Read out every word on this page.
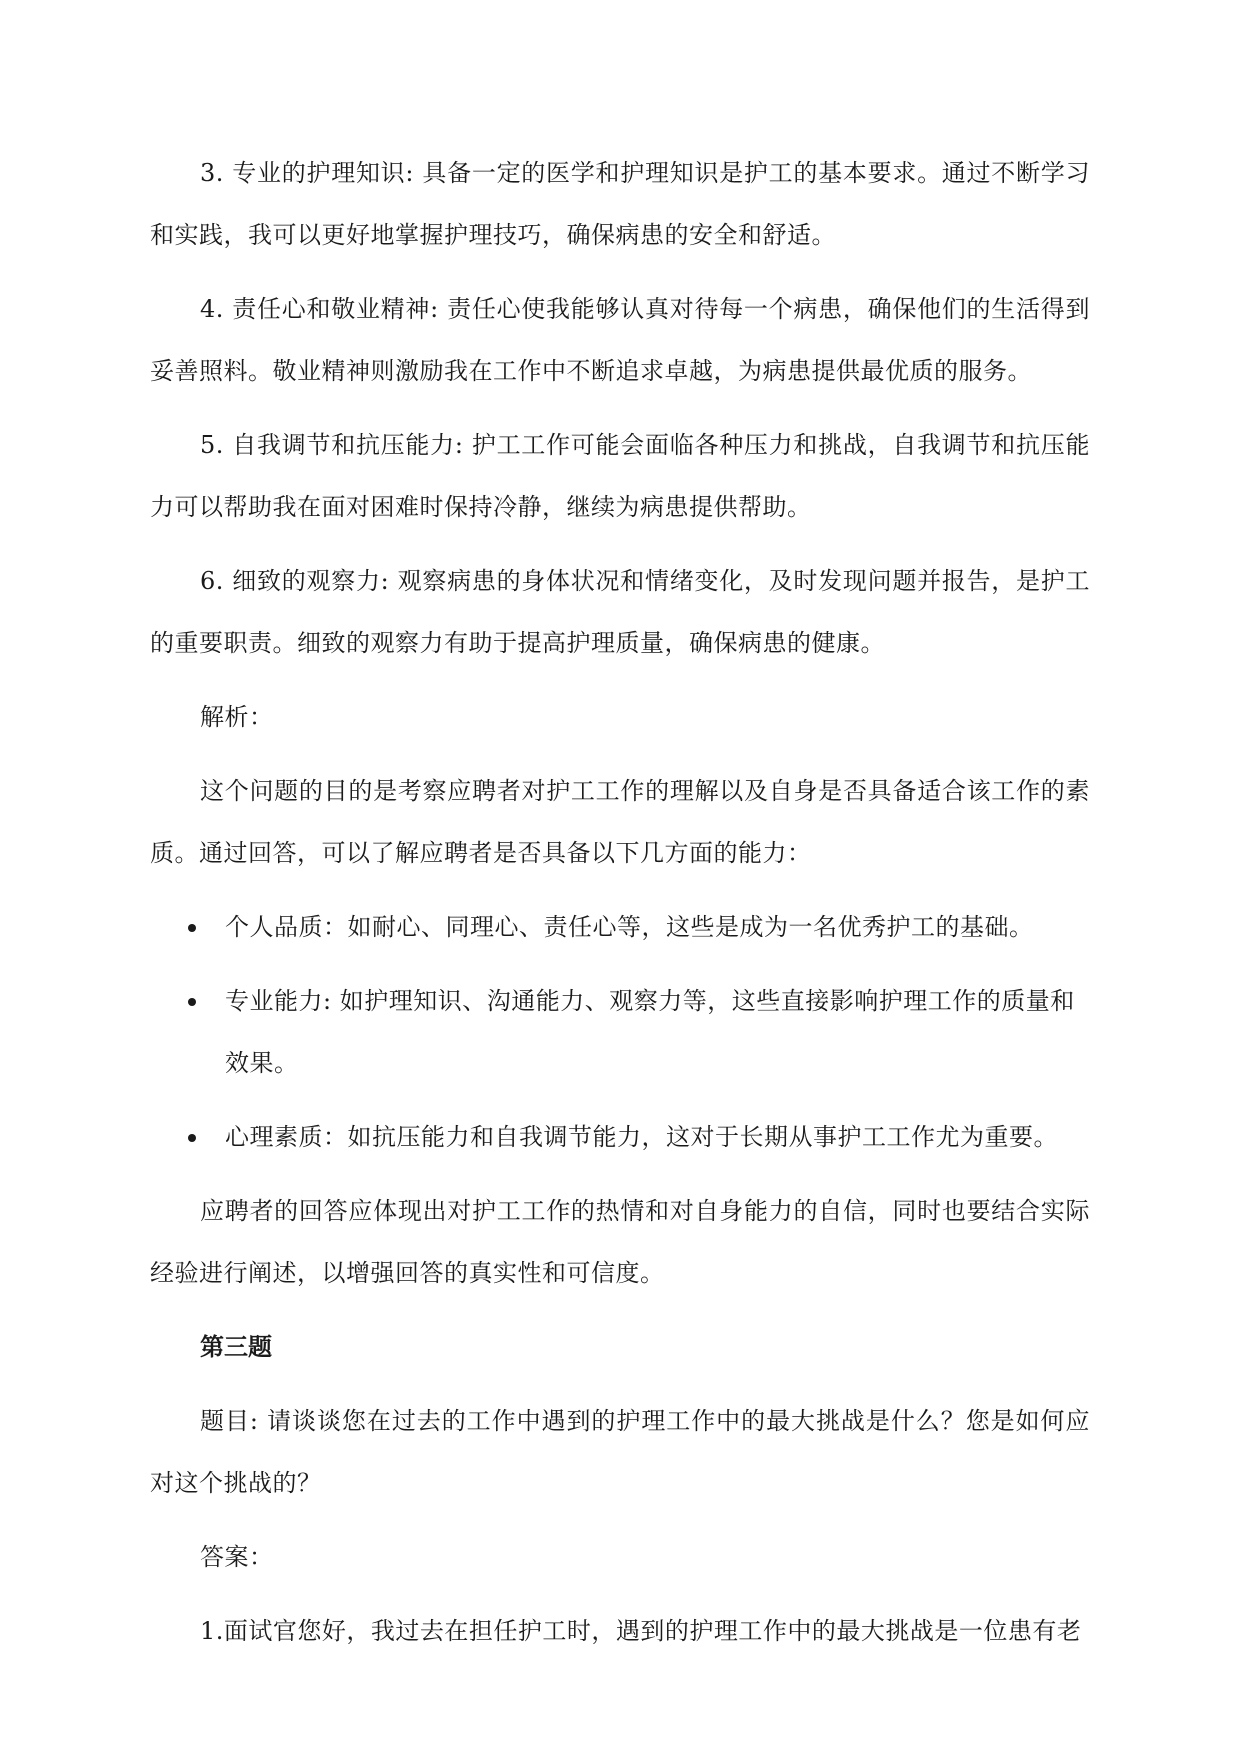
3. 专业的护理知识: 具备一定的医学和护理知识是护工的基本要求。通过不断学习和实践，我可以更好地掌握护理技巧，确保病患的安全和舒适。

4. 责任心和敬业精神: 责任心使我能够认真对待每一个病患，确保他们的生活得到妥善照料。敬业精神则激励我在工作中不断追求卓越，为病患提供最优质的服务。

5. 自我调节和抗压能力: 护工工作可能会面临各种压力和挑战，自我调节和抗压能力可以帮助我在面对困难时保持冷静，继续为病患提供帮助。

6. 细致的观察力: 观察病患的身体状况和情绪变化，及时发现问题并报告，是护工的重要职责。细致的观察力有助于提高护理质量，确保病患的健康。

解析：

这个问题的目的是考察应聘者对护工工作的理解以及自身是否具备适合该工作的素质。通过回答，可以了解应聘者是否具备以下几方面的能力：

个人品质：如耐心、同理心、责任心等，这些是成为一名优秀护工的基础。
专业能力: 如护理知识、沟通能力、观察力等，这些直接影响护理工作的质量和效果。
心理素质：如抗压能力和自我调节能力，这对于长期从事护工工作尤为重要。

应聘者的回答应体现出对护工工作的热情和对自身能力的自信，同时也要结合实际经验进行阐述，以增强回答的真实性和可信度。

第三题

题目: 请谈谈您在过去的工作中遇到的护理工作中的最大挑战是什么？您是如何应对这个挑战的？

答案：

1.面试官您好，我过去在担任护工时，遇到的护理工作中的最大挑战是一位患有老
